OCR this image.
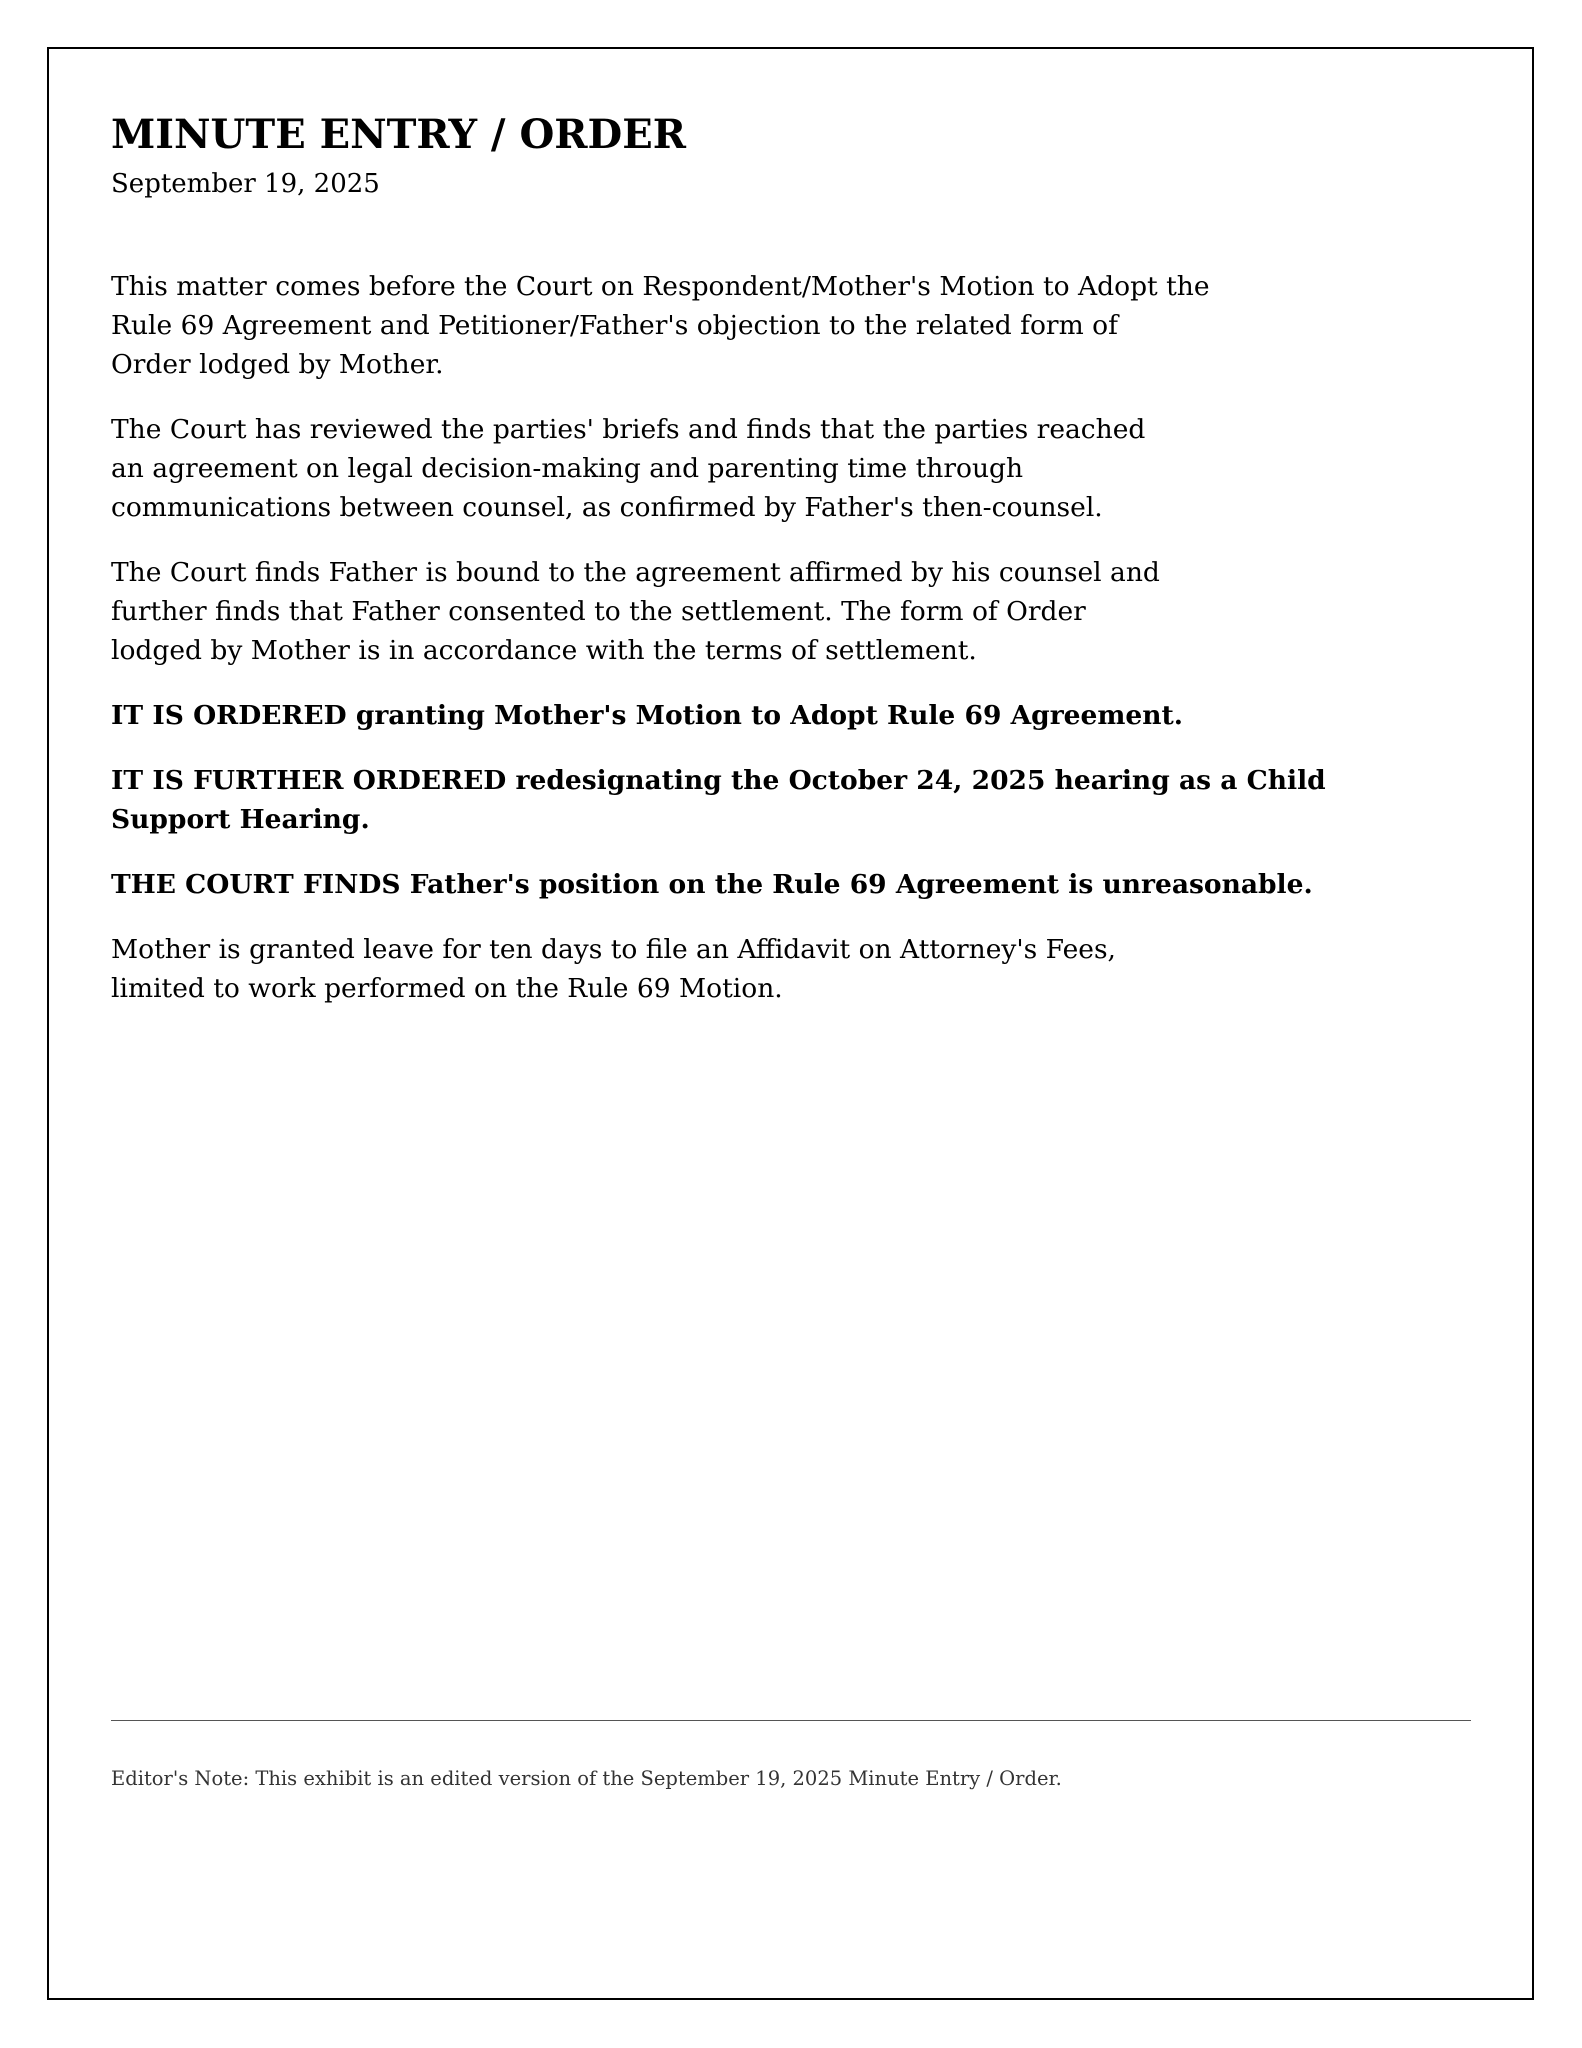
MINUTE ENTRY / ORDER
September 19, 2025

This matter comes before the Court on Respondent/Mother's Motion to Adopt the
Rule 69 Agreement and Petitioner/Father's objection to the related form of
Order lodged by Mother.

The Court has reviewed the parties' briefs and finds that the parties reached
an agreement on legal decision-making and parenting time through
communications between counsel, as confirmed by Father's then-counsel.

The Court finds Father is bound to the agreement affirmed by his counsel and
further finds that Father consented to the settlement. The form of Order
lodged by Mother is in accordance with the terms of settlement.

IT IS ORDERED granting Mother's Motion to Adopt Rule 69 Agreement.

IT IS FURTHER ORDERED redesignating the October 24, 2025 hearing as a Child
Support Hearing.

THE COURT FINDS Father's position on the Rule 69 Agreement is unreasonable.

Mother is granted leave for ten days to file an Affidavit on Attorney's Fees,
limited to work performed on the Rule 69 Motion.

Editor's Note: This exhibit is an edited version of the September 19, 2025 Minute Entry / Order.
